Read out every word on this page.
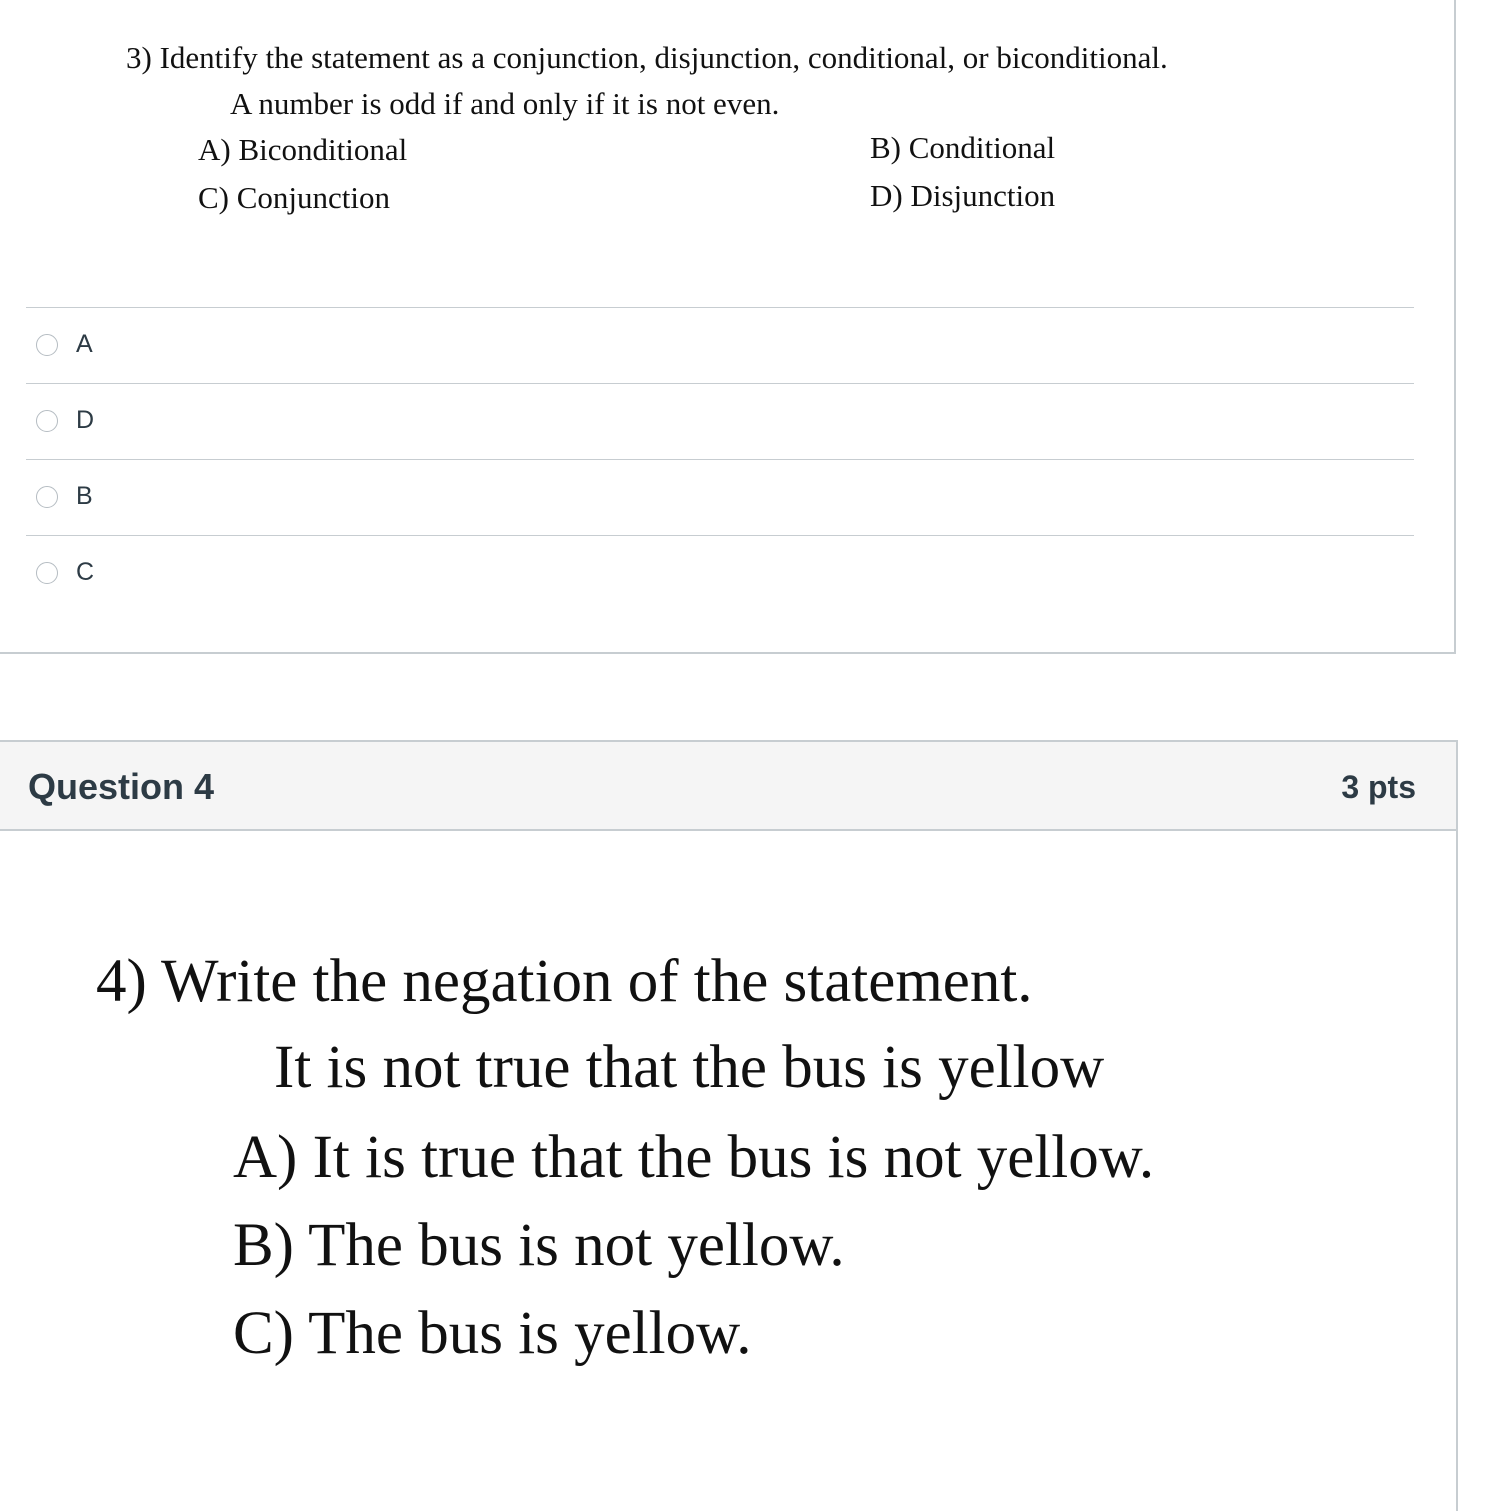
3) Identify the statement as a conjunction, disjunction, conditional, or biconditional.
A number is odd if and only if it is not even.
A) Biconditional	B) Conditional
C) Conjunction	D) Disjunction
A
D
B
C
Question 4	3 pts
4) Write the negation of the statement.
It is not true that the bus is yellow
A) It is true that the bus is not yellow.
B) The bus is not yellow.
C) The bus is yellow.
